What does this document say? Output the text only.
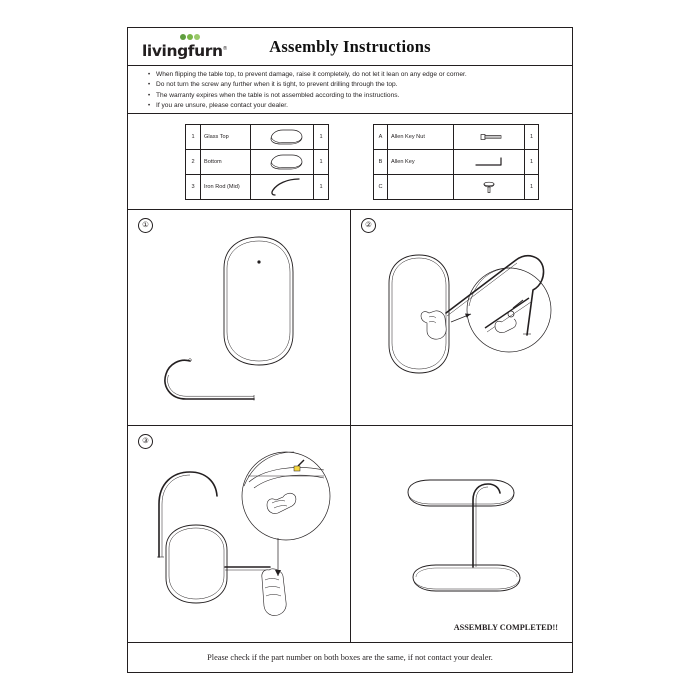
livingfurn®	Assembly Instructions
• When flipping the table top, to prevent damage, raise it completely, do not let it lean on any edge or corner.
• Do not turn the screw any further when it is tight, to prevent drilling through the top.
• The warranty expires when the table is not assembled according to the instructions.
• If you are unsure, please contact your dealer.
1	Glass Top		1
2	Bottom		1
3	Iron Rod (Mid)		1
A	Allen Key Nut		1
B	Allen Key		1
C			1
①	②
③
ASSEMBLY COMPLETED!!
Please check if the part number on both boxes are the same, if not contact your dealer.
